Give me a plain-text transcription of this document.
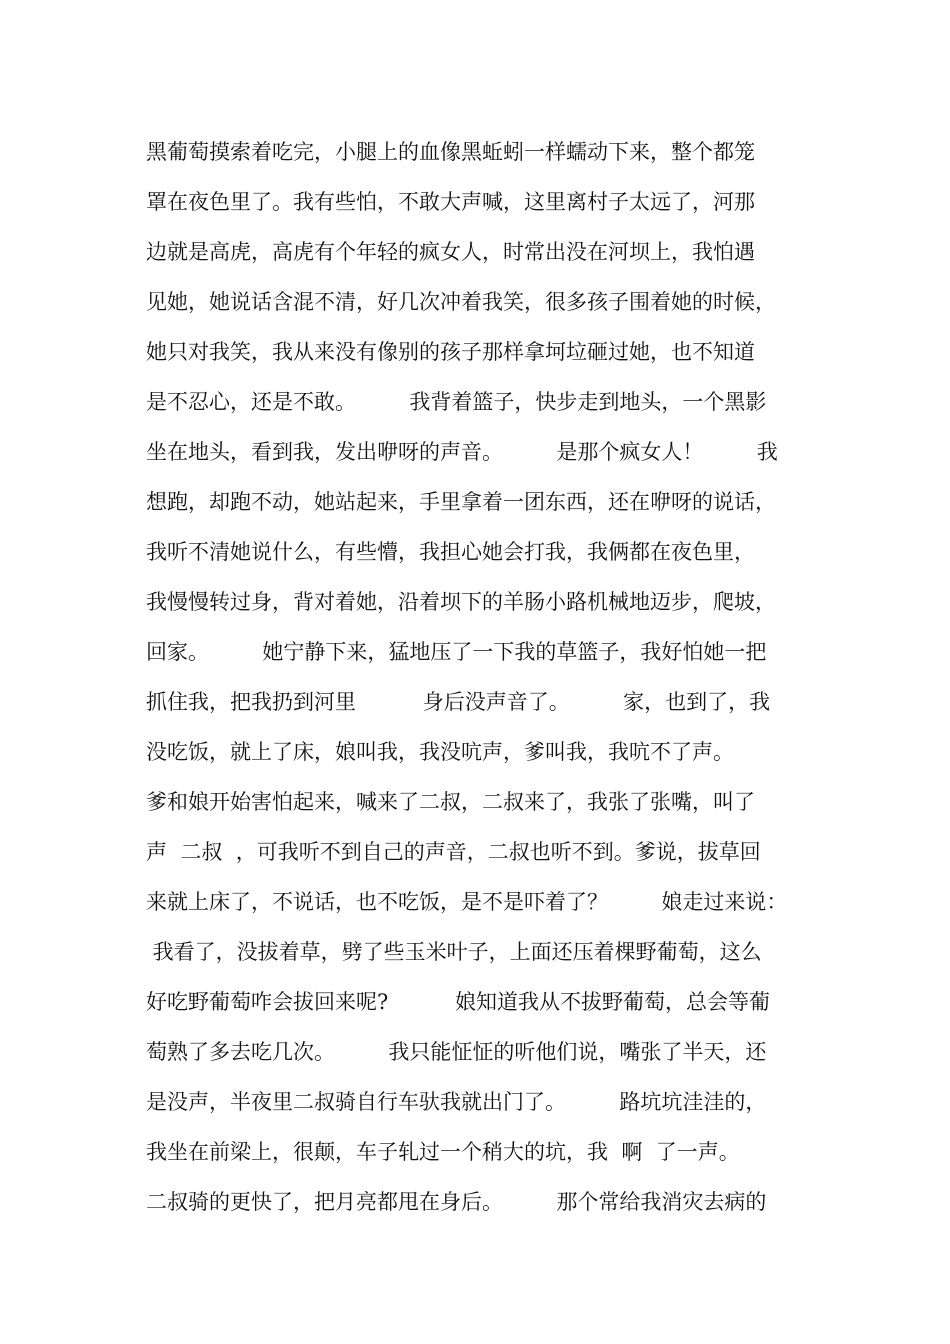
黑葡萄摸索着吃完，小腿上的血像黑蚯蚓一样蠕动下来，整个都笼
罩在夜色里了。我有些怕，不敢大声喊，这里离村子太远了，河那
边就是高虎，高虎有个年轻的疯女人，时常出没在河坝上，我怕遇
见她，她说话含混不清，好几次冲着我笑，很多孩子围着她的时候，
她只对我笑，我从来没有像别的孩子那样拿坷垃砸过她，也不知道
是不忍心，还是不敢。        我背着篮子，快步走到地头，一个黑影
坐在地头，看到我，发出咿呀的声音。        是那个疯女人！        我
想跑，却跑不动，她站起来，手里拿着一团东西，还在咿呀的说话，
我听不清她说什么，有些懵，我担心她会打我，我俩都在夜色里，
我慢慢转过身，背对着她，沿着坝下的羊肠小路机械地迈步，爬坡，
回家。        她宁静下来，猛地压了一下我的草篮子，我好怕她一把
抓住我，把我扔到河里          身后没声音了。        家，也到了，我
没吃饭，就上了床，娘叫我，我没吭声，爹叫我，我吭不了声。
爹和娘开始害怕起来，喊来了二叔，二叔来了，我张了张嘴，叫了
声  二叔  ，可我听不到自己的声音，二叔也听不到。爹说，拔草回
来就上床了，不说话，也不吃饭，是不是吓着了？        娘走过来说：
我看了，没拔着草，劈了些玉米叶子，上面还压着棵野葡萄，这么
好吃野葡萄咋会拔回来呢?          娘知道我从不拔野葡萄，总会等葡
萄熟了多去吃几次。        我只能怔怔的听他们说，嘴张了半天，还
是没声，半夜里二叔骑自行车驮我就出门了。        路坑坑洼洼的，
我坐在前梁上，很颠，车子轧过一个稍大的坑，我  啊  了一声。
二叔骑的更快了，把月亮都甩在身后。        那个常给我消灾去病的
